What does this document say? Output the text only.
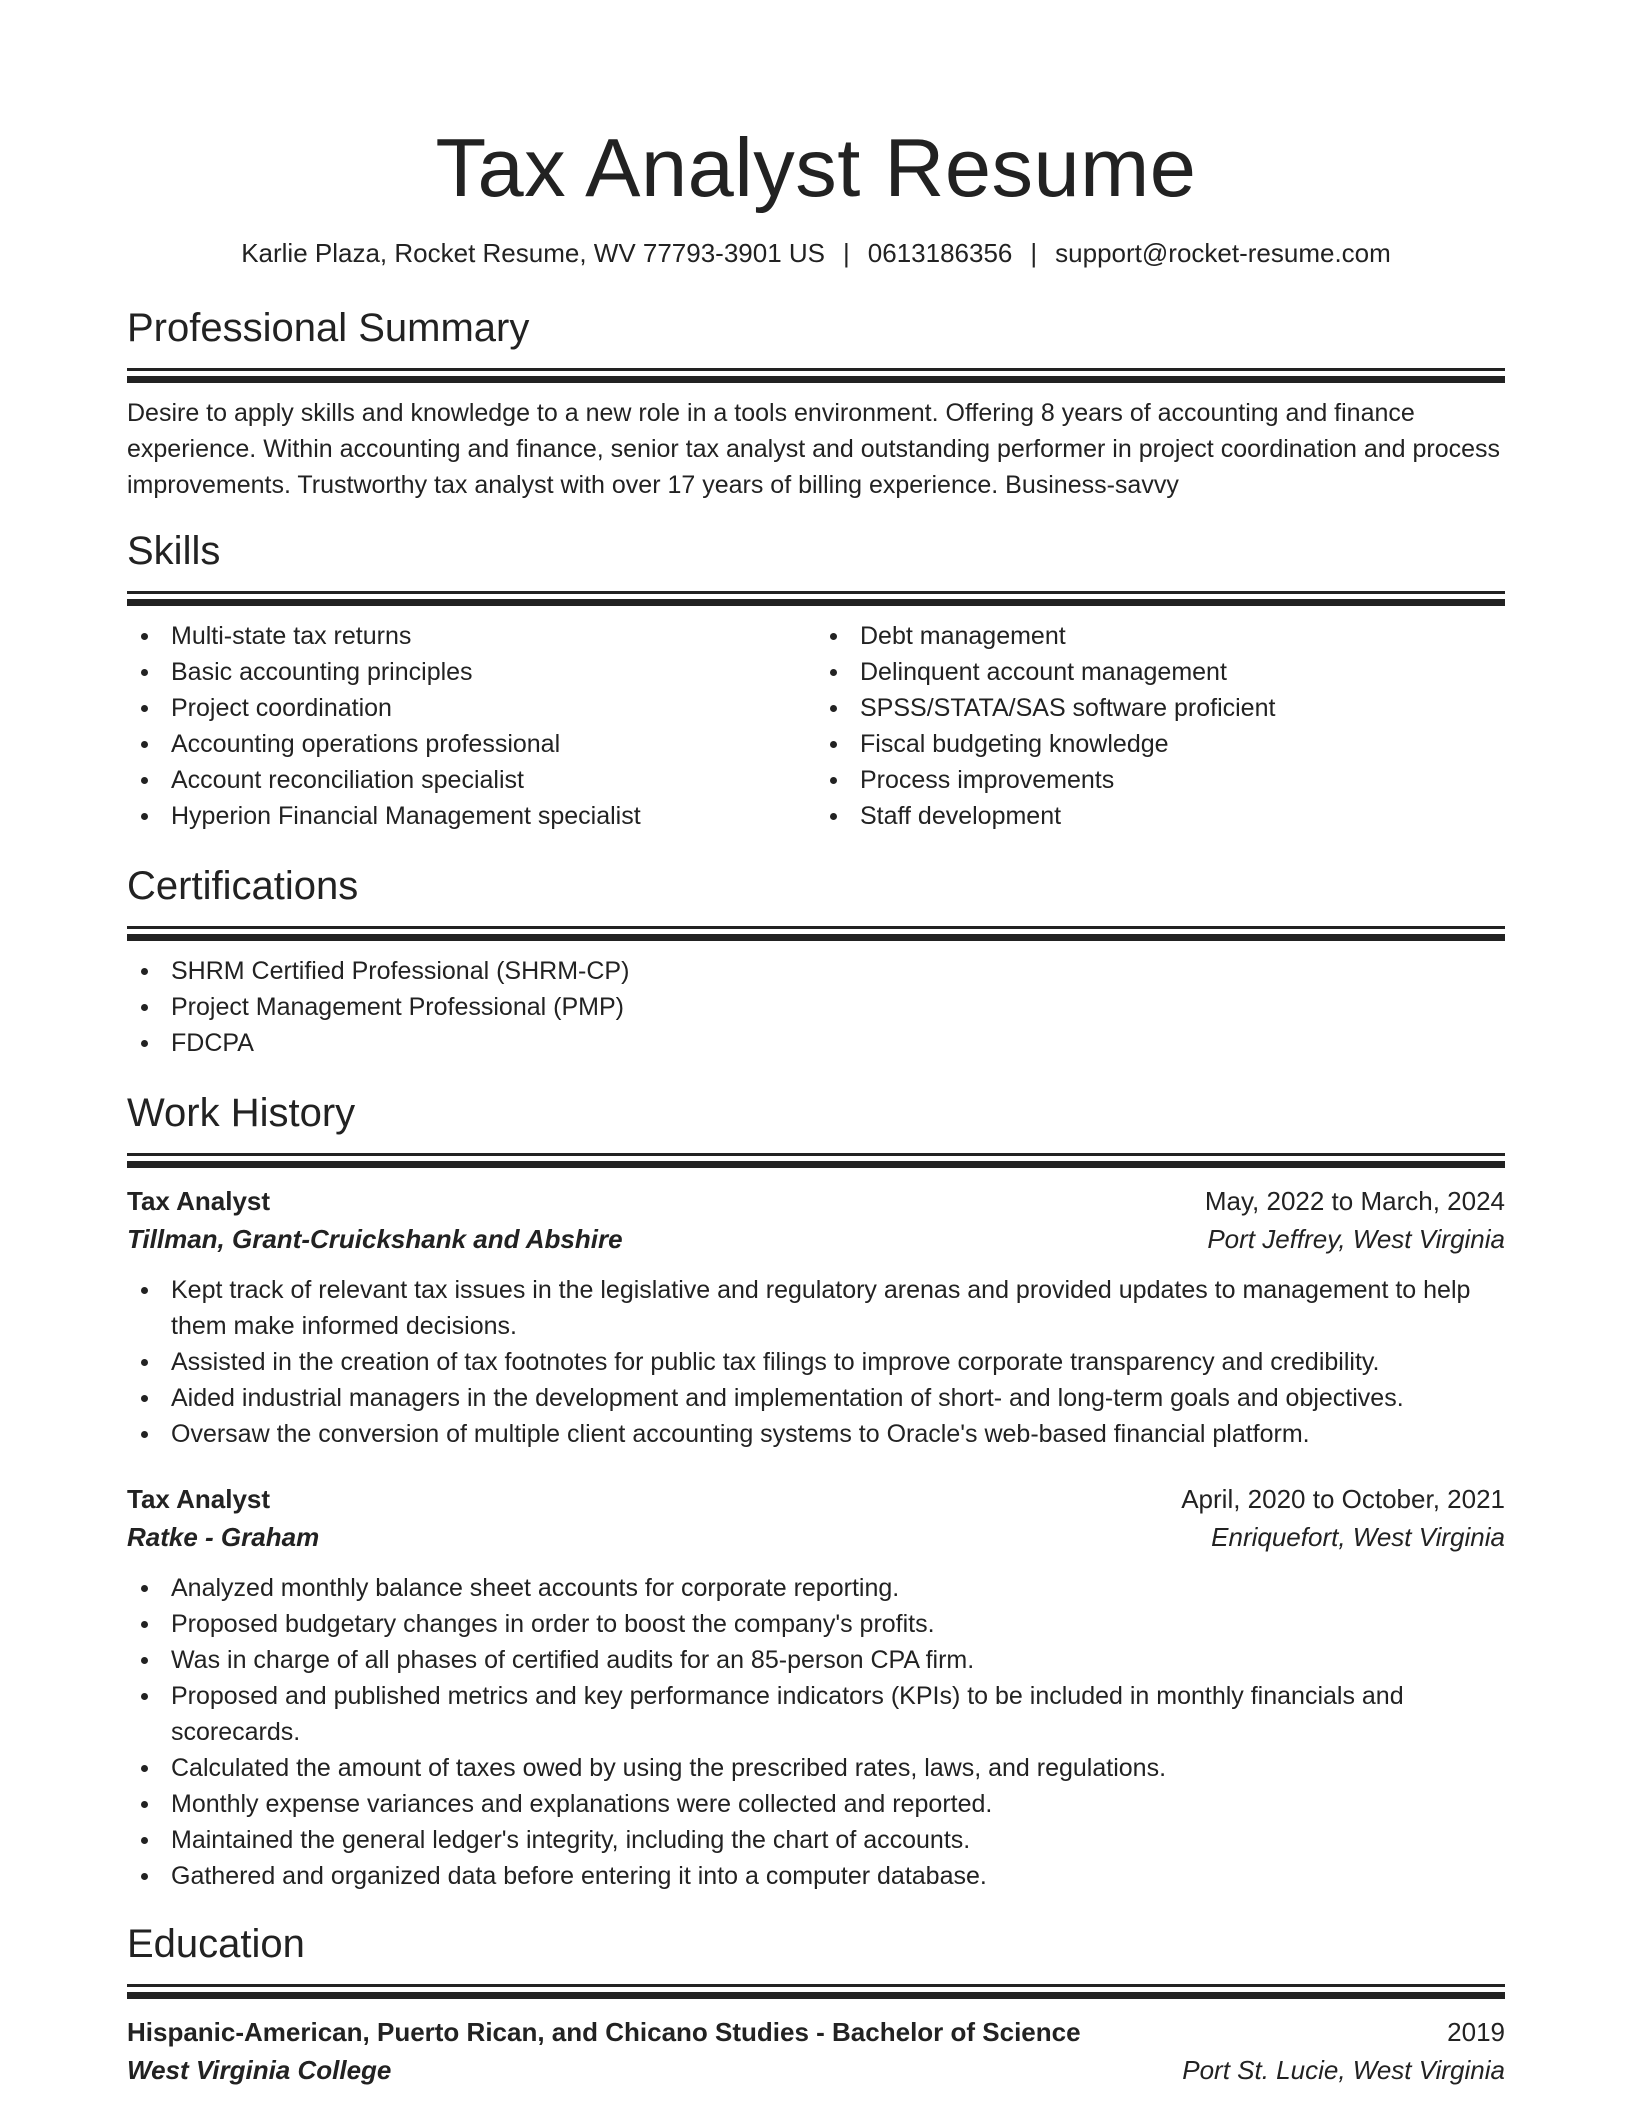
Tax Analyst Resume
Karlie Plaza, Rocket Resume, WV 77793-3901 US | 0613186356 | support@rocket-resume.com
Professional Summary

Desire to apply skills and knowledge to a new role in a tools environment. Offering 8 years of accounting and finance experience. Within accounting and finance, senior tax analyst and outstanding performer in project coordination and process improvements. Trustworthy tax analyst with over 17 years of billing experience. Business-savvy

Skills
Multi-state tax returns
Basic accounting principles
Project coordination
Accounting operations professional
Account reconciliation specialist
Hyperion Financial Management specialist
Debt management
Delinquent account management
SPSS/STATA/SAS software proficient
Fiscal budgeting knowledge
Process improvements
Staff development
Certifications
SHRM Certified Professional (SHRM-CP)
Project Management Professional (PMP)
FDCPA
Work History
Tax Analyst	May, 2022 to March, 2024
Tillman, Grant-Cruickshank and Abshire	Port Jeffrey, West Virginia
Kept track of relevant tax issues in the legislative and regulatory arenas and provided updates to management to help them make informed decisions.
Assisted in the creation of tax footnotes for public tax filings to improve corporate transparency and credibility.
Aided industrial managers in the development and implementation of short- and long-term goals and objectives.
Oversaw the conversion of multiple client accounting systems to Oracle's web-based financial platform.
Tax Analyst	April, 2020 to October, 2021
Ratke - Graham	Enriquefort, West Virginia
Analyzed monthly balance sheet accounts for corporate reporting.
Proposed budgetary changes in order to boost the company's profits.
Was in charge of all phases of certified audits for an 85-person CPA firm.
Proposed and published metrics and key performance indicators (KPIs) to be included in monthly financials and scorecards.
Calculated the amount of taxes owed by using the prescribed rates, laws, and regulations.
Monthly expense variances and explanations were collected and reported.
Maintained the general ledger's integrity, including the chart of accounts.
Gathered and organized data before entering it into a computer database.
Education
Hispanic-American, Puerto Rican, and Chicano Studies - Bachelor of Science	2019
West Virginia College	Port St. Lucie, West Virginia
